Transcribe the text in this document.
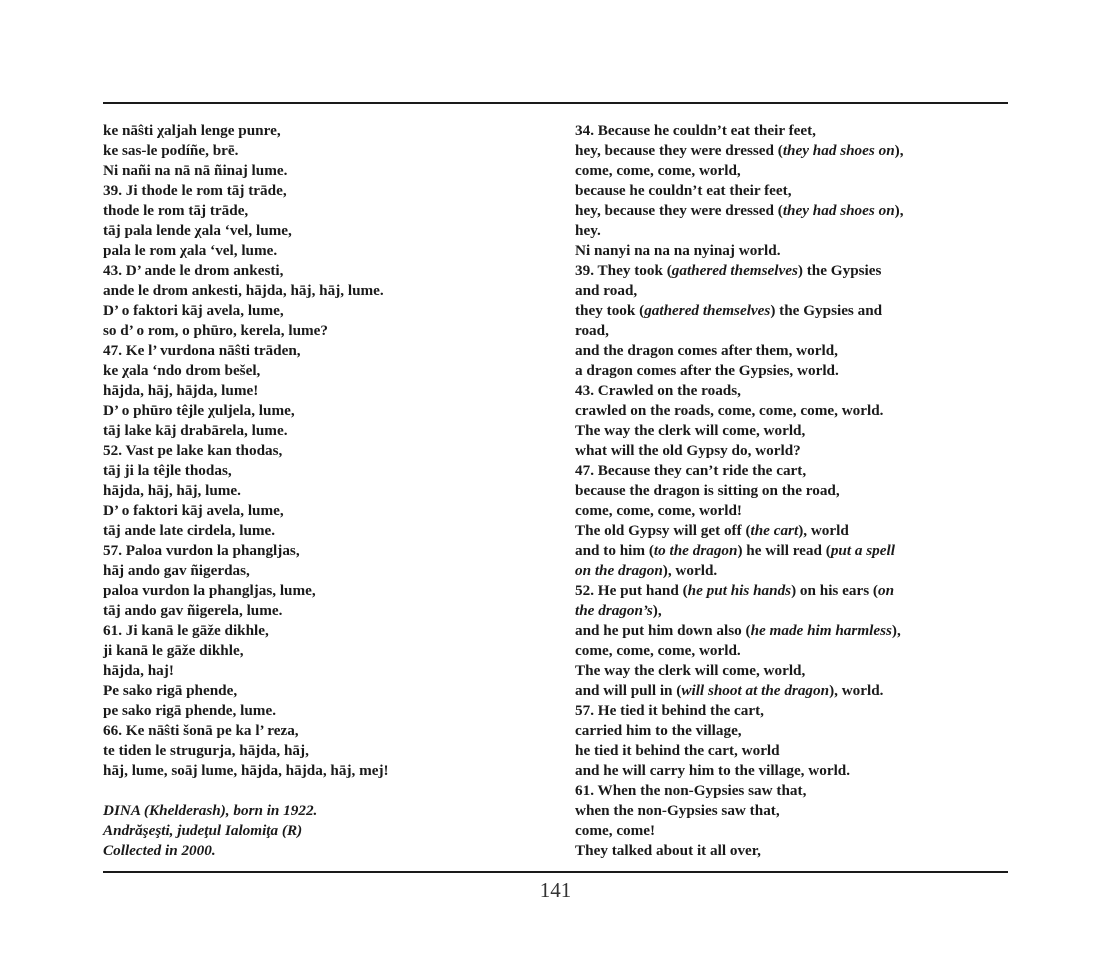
ke nāŝti χaljah lenge punre,
ke sas-le podíñe, brē.
Ni nañi na nā nā ñinaj lume.
39. Ji thode le rom tāj trāde,
thode le rom tāj trāde,
tāj pala lende χala ‘vel, lume,
pala le rom χala ‘vel, lume.
43. D’ ande le drom ankesti,
ande le drom ankesti, hājda, hāj, hāj, lume.
D’ o faktori kāj avela, lume,
so d’ o rom, o phūro, kerela, lume?
47. Ke l’ vurdona nāŝti trāden,
ke χala ‘ndo drom bešel,
hājda, hāj, hājda, lume!
D’ o phūro têjle χuljela, lume,
tāj lake kāj drabārela, lume.
52. Vast pe lake kan thodas,
tāj ji la têjle thodas,
hājda, hāj, hāj, lume.
D’ o faktori kāj avela, lume,
tāj ande late cirdela, lume.
57. Paloa vurdon la phangljas,
hāj ando gav ñigerdas,
paloa vurdon la phangljas, lume,
tāj ando gav ñigerela, lume.
61. Ji kanā le gāže dikhle,
ji kanā le gāže dikhle,
hājda, haj!
Pe sako rigā phende,
pe sako rigā phende, lume.
66. Ke nāŝti šonā pe ka l’ reza,
te tiden le strugurja, hājda, hāj,
hāj, lume, soāj lume, hājda, hājda, hāj, mej!
DINA (Khelderash), born in 1922.
Andrăşeşti, judeţul Ialomiţa (R)
Collected in 2000.
34. Because he couldn’t eat their feet,
hey, because they were dressed (they had shoes on),
come, come, come, world,
because he couldn’t eat their feet,
hey, because they were dressed (they had shoes on),
hey.
Ni nanyi na na na nyinaj world.
39. They took (gathered themselves) the Gypsies
and road,
they took (gathered themselves) the Gypsies and
road,
and the dragon comes after them, world,
a dragon comes after the Gypsies, world.
43. Crawled on the roads,
crawled on the roads, come, come, come, world.
The way the clerk will come, world,
what will the old Gypsy do, world?
47. Because they can’t ride the cart,
because the dragon is sitting on the road,
come, come, come, world!
The old Gypsy will get off (the cart), world
and to him (to the dragon) he will read (put a spell
on the dragon), world.
52. He put hand (he put his hands) on his ears (on
the dragon’s),
and he put him down also (he made him harmless),
come, come, come, world.
The way the clerk will come, world,
and will pull in (will shoot at the dragon), world.
57. He tied it behind the cart,
carried him to the village,
he tied it behind the cart, world
and he will carry him to the village, world.
61. When the non-Gypsies saw that,
when the non-Gypsies saw that,
come, come!
They talked about it all over,
141
